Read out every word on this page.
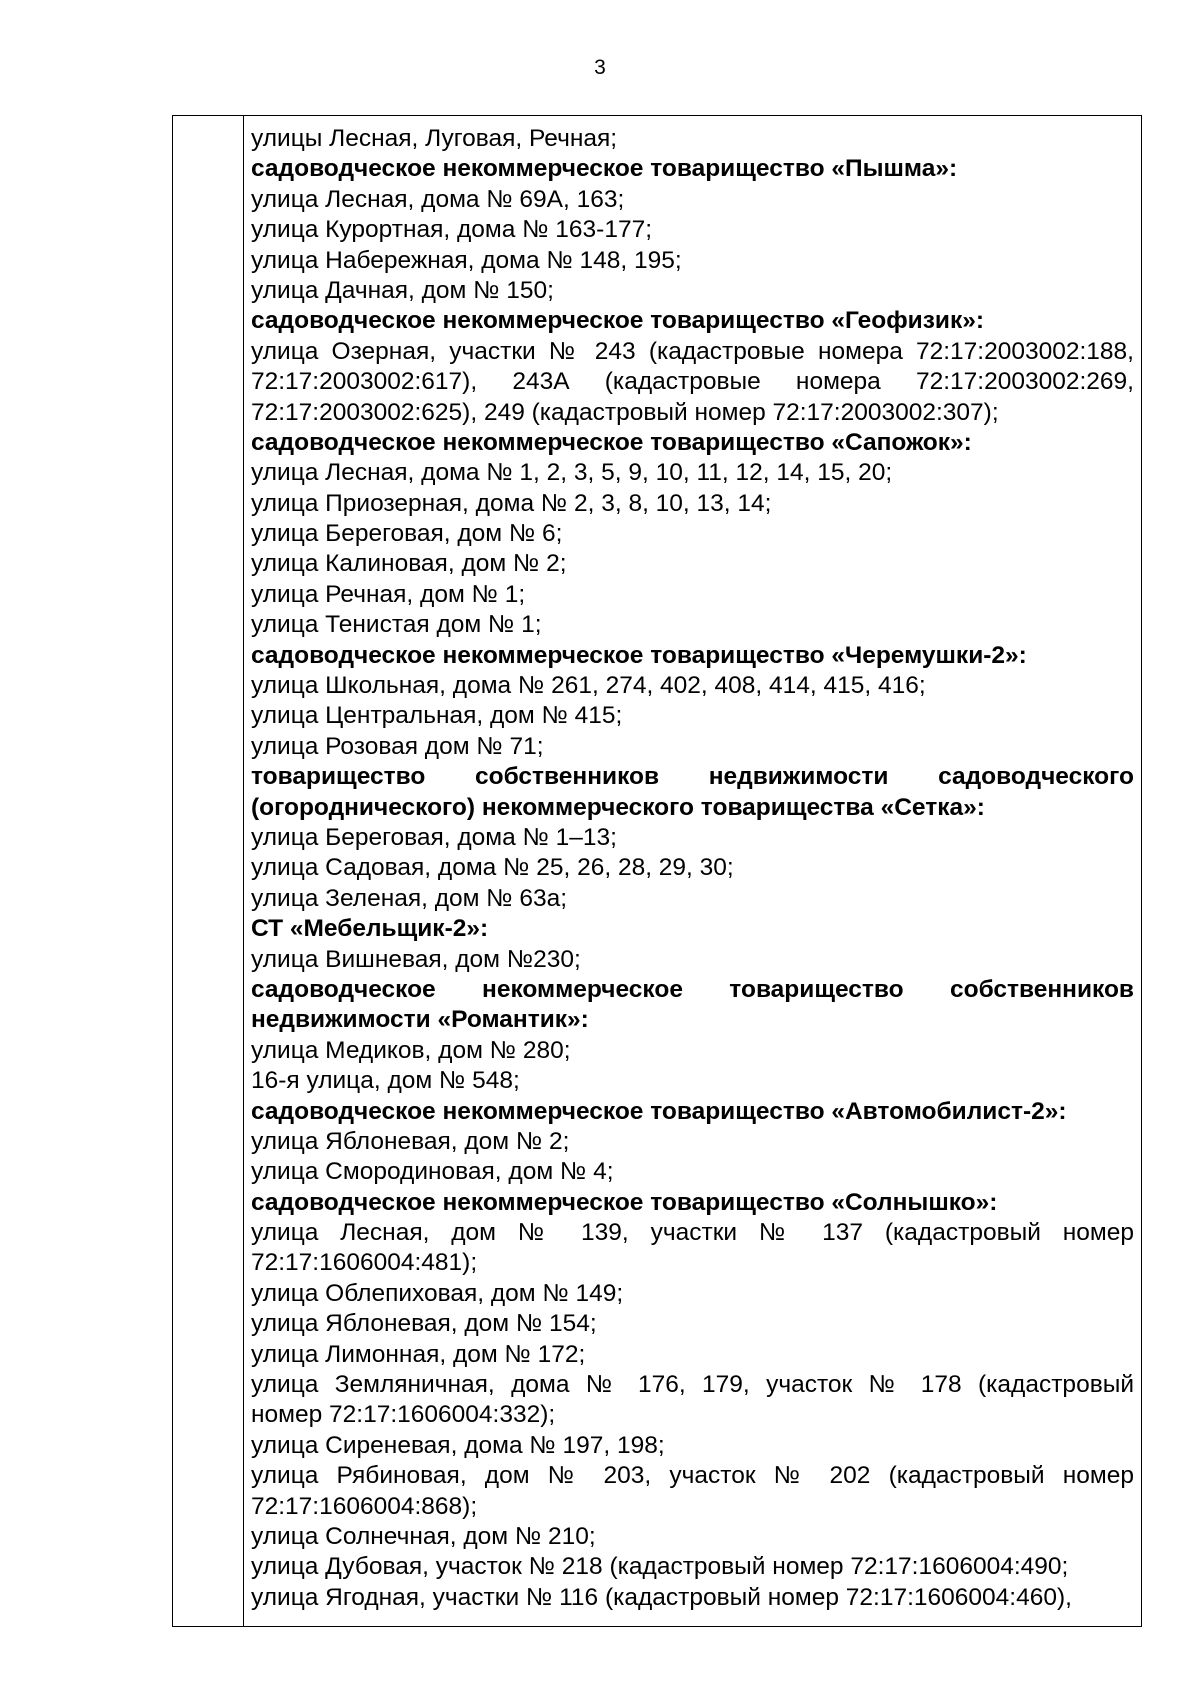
3
улицы Лесная, Луговая, Речная;
садоводческое некоммерческое товарищество «Пышма»:
улица Лесная, дома № 69А, 163;
улица Курортная, дома № 163-177;
улица Набережная, дома № 148, 195;
улица Дачная, дом № 150;
садоводческое некоммерческое товарищество «Геофизик»:
улица Озерная, участки № 243 (кадастровые номера 72:17:2003002:188,
72:17:2003002:617), 243А (кадастровые номера 72:17:2003002:269,
72:17:2003002:625), 249 (кадастровый номер 72:17:2003002:307);
садоводческое некоммерческое товарищество «Сапожок»:
улица Лесная, дома № 1, 2, 3, 5, 9, 10, 11, 12, 14, 15, 20;
улица Приозерная, дома № 2, 3, 8, 10, 13, 14;
улица Береговая, дом № 6;
улица Калиновая, дом № 2;
улица Речная, дом № 1;
улица Тенистая дом № 1;
садоводческое некоммерческое товарищество «Черемушки-2»:
улица Школьная, дома № 261, 274, 402, 408, 414, 415, 416;
улица Центральная, дом № 415;
улица Розовая дом № 71;
товарищество собственников недвижимости садоводческого
(огороднического) некоммерческого товарищества «Сетка»:
улица Береговая, дома № 1–13;
улица Садовая, дома № 25, 26, 28, 29, 30;
улица Зеленая, дом № 63а;
СТ «Мебельщик-2»:
улица Вишневая, дом №230;
садоводческое некоммерческое товарищество собственников
недвижимости «Романтик»:
улица Медиков, дом № 280;
16-я улица, дом № 548;
садоводческое некоммерческое товарищество «Автомобилист-2»:
улица Яблоневая, дом № 2;
улица Смородиновая, дом № 4;
садоводческое некоммерческое товарищество «Солнышко»:
улица Лесная, дом № 139, участки № 137 (кадастровый номер
72:17:1606004:481);
улица Облепиховая, дом № 149;
улица Яблоневая, дом № 154;
улица Лимонная, дом № 172;
улица Земляничная, дома № 176, 179, участок № 178 (кадастровый
номер 72:17:1606004:332);
улица Сиреневая, дома № 197, 198;
улица Рябиновая, дом № 203, участок № 202 (кадастровый номер
72:17:1606004:868);
улица Солнечная, дом № 210;
улица Дубовая, участок № 218 (кадастровый номер 72:17:1606004:490;
улица Ягодная, участки № 116 (кадастровый номер 72:17:1606004:460),
